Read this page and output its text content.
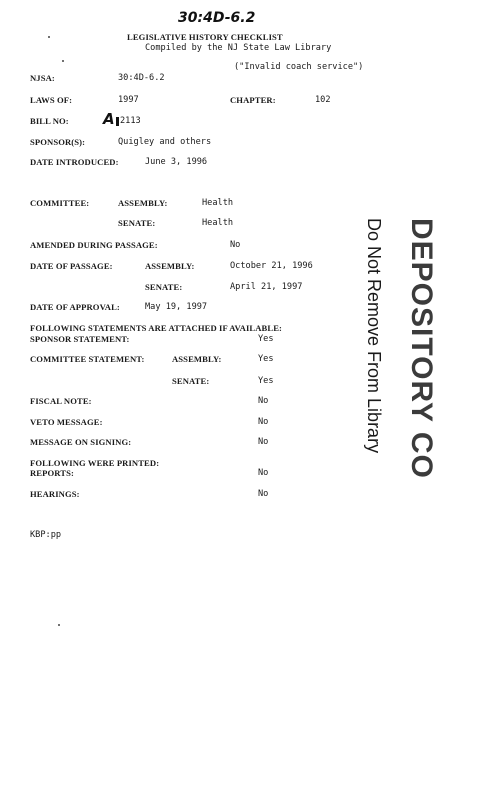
30:4D-6.2
LEGISLATIVE HISTORY CHECKLIST
Compiled by the NJ State Law Library
("Invalid coach service")
NJSA:	30:4D-6.2
LAWS OF:	1997	CHAPTER:	102
BILL NO: A 2113
SPONSOR(S):	Quigley and others
DATE INTRODUCED:	June 3, 1996
COMMITTEE:	ASSEMBLY:	Health
SENATE:	Health
AMENDED DURING PASSAGE:	No
DATE OF PASSAGE:	ASSEMBLY:	October 21, 1996
SENATE:	April 21, 1997
DATE OF APPROVAL:	May 19, 1997
FOLLOWING STATEMENTS ARE ATTACHED IF AVAILABLE:
SPONSOR STATEMENT:	Yes
COMMITTEE STATEMENT:	ASSEMBLY:	Yes
SENATE:	Yes
FISCAL NOTE:	No
VETO MESSAGE:	No
MESSAGE ON SIGNING:	No
FOLLOWING WERE PRINTED:
REPORTS:	No
HEARINGS:	No
KBP:pp
DEPOSITORY COPY
Do Not Remove From Library
